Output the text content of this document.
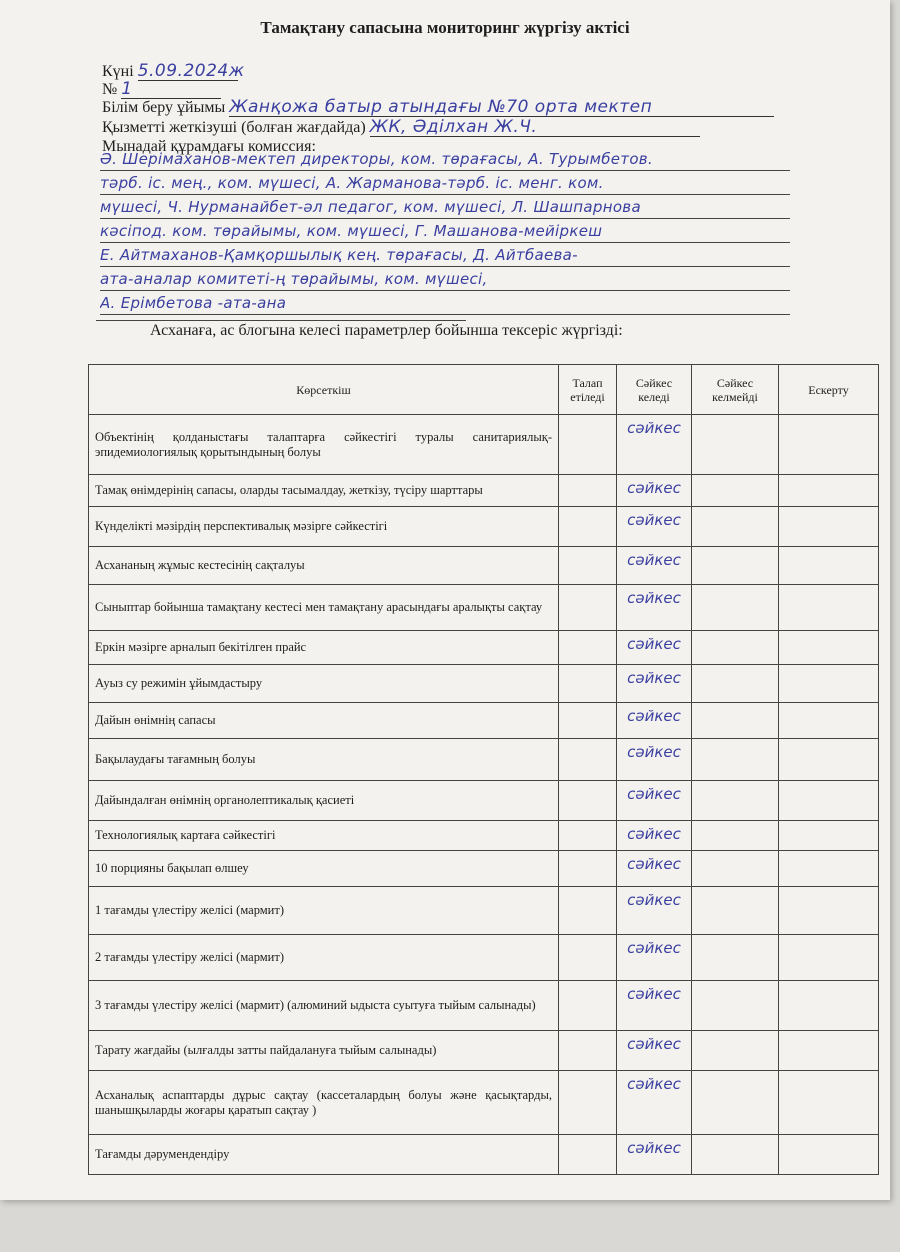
Тамақтану сапасына мониторинг жүргізу актісі
Күні 5.09.2024ж
№ 1
Білім беру ұйымы Жанқожа батыр атындағы №70 орта мектеп
Қызметті жеткізуші (болған жағдайда) ЖК, Әділхан Ж.Ч.
Мынадай құрамдағы комиссия:
Ә. Шерімаханов-мектеп директоры, ком. төрағасы, А. Турымбетов.
тәрб. іс. мең., ком. мүшесі, А. Жарманова-тәрб. іс. менг. ком.
мүшесі, Ч. Нурманайбет-әл педагог, ком. мүшесі, Л. Шашпарнова
кәсіпод. ком. төрайымы, ком. мүшесі, Г. Машанова-мейіркеш
Е. Айтмаханов-Қамқоршылық кең. төрағасы, Д. Айтбаева-
ата-аналар комитеті-ң төрайымы, ком. мүшесі,
А. Ерімбетова -ата-ана
Асханаға, ас блогына келесі параметрлер бойынша тексеріс жүргізді:
Көрсеткіш	Талап етіледі	Сәйкес келеді	Сәйкес келмейді	Ескерту
Объектінің қолданыстағы талаптарға сәйкестігі туралы санитариялық-эпидемиологиялық қорытындының болуы		сәйкес		
Тамақ өнімдерінің сапасы, оларды тасымалдау, жеткізу, түсіру шарттары		сәйкес		
Күнделікті мәзірдің перспективалық мәзірге сәйкестігі		сәйкес		
Асхананың жұмыс кестесінің сақталуы		сәйкес		
Сыныптар бойынша тамақтану кестесі мен тамақтану арасындағы аралықты сақтау		сәйкес		
Еркін мәзірге арналып бекітілген прайс		сәйкес		
Ауыз су режимін ұйымдастыру		сәйкес		
Дайын өнімнің сапасы		сәйкес		
Бақылаудағы тағамның болуы		сәйкес		
Дайындалған өнімнің органолептикалық қасиеті		сәйкес		
Технологиялық картаға сәйкестігі		сәйкес		
10 порцияны бақылап өлшеу		сәйкес		
1 тағамды үлестіру желісі (мармит)		сәйкес		
2 тағамды үлестіру желісі (мармит)		сәйкес		
3 тағамды үлестіру желісі (мармит) (алюминий ыдыста суытуға тыйым салынады)		сәйкес		
Тарату жағдайы (ылғалды затты пайдалануға тыйым салынады)		сәйкес		
Асханалық аспаптарды дұрыс сақтау (кассеталардың болуы және қасықтарды, шанышқыларды жоғары қаратып сақтау )		сәйкес		
Тағамды дәрумендендіру		сәйкес		
